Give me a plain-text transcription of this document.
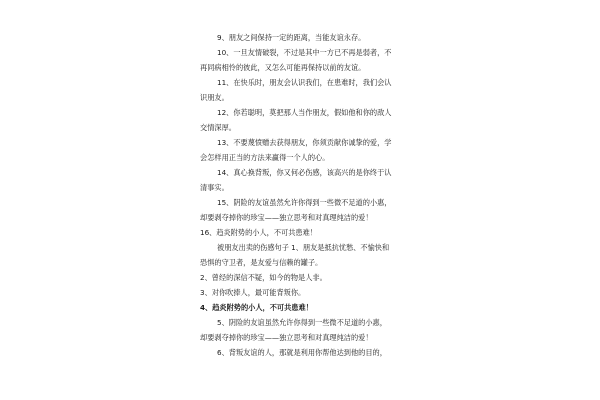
9、朋友之间保持一定的距离，当能友谊永存。
10、一旦友情破裂，不过是其中一方已不再是弱者，不
再同病相怜的彼此，又怎么可能再保持以前的友谊。
11、在快乐时，朋友会认识我们，在患难时，我们会认
识朋友。
12、你若聪明，莫把那人当作朋友，假如他和你的敌人
交情深厚。
13、不要蔑愤赠去获得朋友，你须贡献你诚挚的爱，学
会怎样用正当的方法来赢得一个人的心。
14、真心换背叛，你又何必伤感，该高兴的是你终于认
清事实。
15、阴险的友谊虽然允许你得到一些微不足道的小惠，
却要剥夺掉你的珍宝——独立思考和对真理纯洁的爱！
16、趋炎附势的小人，不可共患难！
被朋友出卖的伤感句子 1、朋友是抵抗忧愁、不愉快和
恐惧的守卫者，是友爱与信赖的罐子。
2、曾经的深信不疑，如今的物是人非。
3、对你吹捧人，最可能背叛你。
4、趋炎附势的小人，不可共患难！
5、阴险的友谊虽然允许你得到一些微不足道的小惠，
却要剥夺掉你的珍宝——独立思考和对真理纯洁的爱！
6、背叛友谊的人，那就是利用你帮他达到他的目的，
